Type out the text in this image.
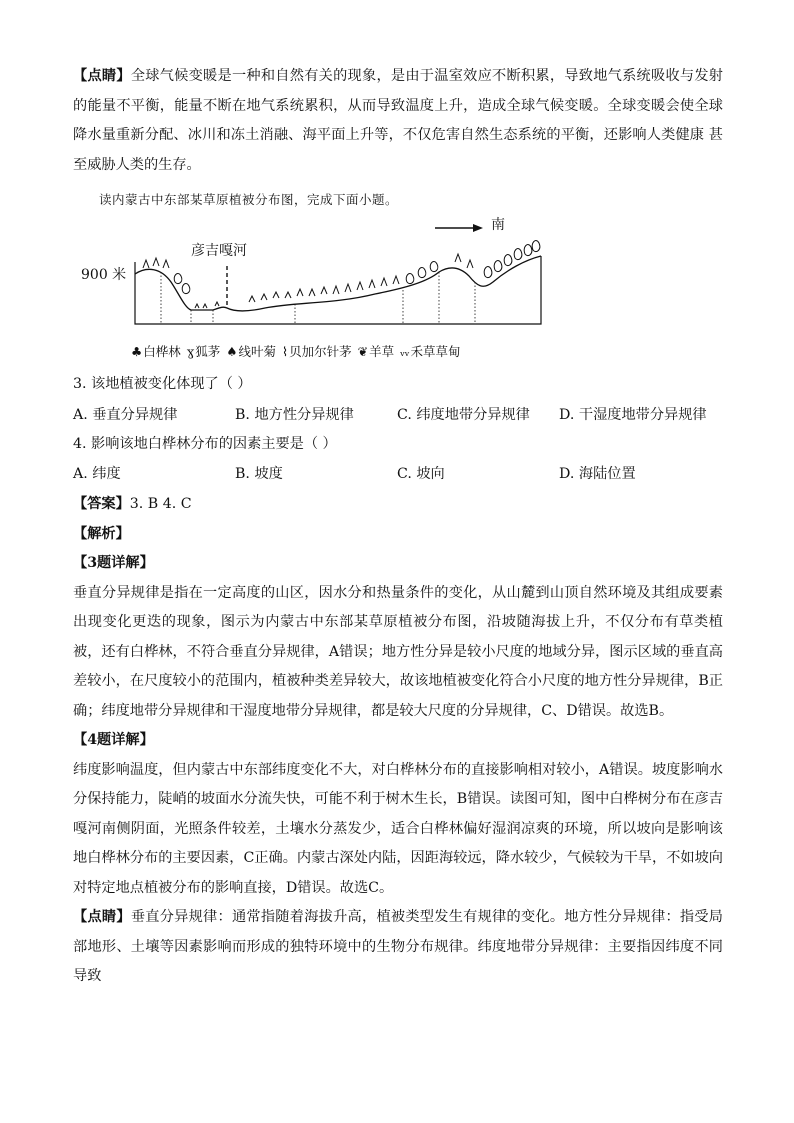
【点睛】全球气候变暖是一种和自然有关的现象，是由于温室效应不断积累，导致地气系统吸收与发射的能量不平衡，能量不断在地气系统累积，从而导致温度上升，造成全球气候变暖。全球变暖会使全球降水量重新分配、冰川和冻土消融、海平面上升等，不仅危害自然生态系统的平衡，还影响人类健康 甚至威胁人类的生存。

读内蒙古中东部某草原植被分布图，完成下面小题。
南
900 米
彦吉嘎河
♣ 白桦林 ɣ 狐茅 ♠ 线叶菊 ⌇ 贝加尔针茅 ❦ 羊草 ᵥᵥ 禾草草甸

3. 该地植被变化体现了（ ）

A. 垂直分异规律	B. 地方性分异规律	C. 纬度地带分异规律	D. 干湿度地带分异规律

4. 影响该地白桦林分布的因素主要是（ ）

A. 纬度	B. 坡度	C. 坡向	D. 海陆位置

【答案】3. B 4. C

【解析】

【3题详解】

垂直分异规律是指在一定高度的山区，因水分和热量条件的变化，从山麓到山顶自然环境及其组成要素出现变化更迭的现象，图示为内蒙古中东部某草原植被分布图，沿坡随海拔上升，不仅分布有草类植被，还有白桦林，不符合垂直分异规律，A错误；地方性分异是较小尺度的地域分异，图示区域的垂直高差较小，在尺度较小的范围内，植被种类差异较大，故该地植被变化符合小尺度的地方性分异规律，B正确；纬度地带分异规律和干湿度地带分异规律，都是较大尺度的分异规律，C、D错误。故选B。

【4题详解】

纬度影响温度，但内蒙古中东部纬度变化不大，对白桦林分布的直接影响相对较小，A错误。坡度影响水分保持能力，陡峭的坡面水分流失快，可能不利于树木生长，B错误。读图可知，图中白桦树分布在彦吉嘎河南侧阴面，光照条件较差，土壤水分蒸发少，适合白桦林偏好湿润凉爽的环境，所以坡向是影响该地白桦林分布的主要因素，C正确。内蒙古深处内陆，因距海较远，降水较少，气候较为干旱，不如坡向对特定地点植被分布的影响直接，D错误。故选C。

【点睛】垂直分异规律：通常指随着海拔升高，植被类型发生有规律的变化。地方性分异规律：指受局部地形、土壤等因素影响而形成的独特环境中的生物分布规律。纬度地带分异规律：主要指因纬度不同导致
